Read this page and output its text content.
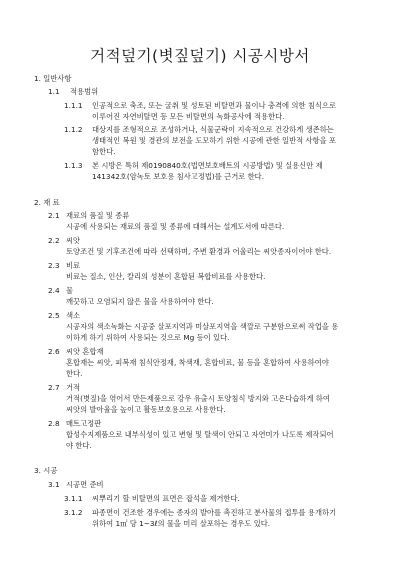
거적덮기(볏짚덮기) 시공시방서
1. 일반사항
1.1 적용범위
1.1.1 인공적으로 축조, 또는 굴취 및 성토된 비탈면과 물이나 충격에 의한 침식으로
이루어진 자연비탈면 등 모든 비탈면의 녹화공사에 적용한다.
1.1.2 대상지를 조형적으로 조성하거나, 식물군락이 지속적으로 건강하게 생존하는
생태적인 복원 및 경관의 보전을 도모하기 위한 시공에 관한 일반적 사항을 포
함한다.
1.1.3 본 시방은 특허 제0190840호(법면보호배트의 시공방법) 및 실용신안 제
141342호(암녹토 보호용 침사고정법)를 근거로 한다.
2. 재 료
2.1 재료의 품질 및 종류
시공에 사용되는 재료의 품질 및 종류에 대해서는 설계도서에 따른다.
2.2 씨앗
토양조건 및 기후조건에 따라 선택하며, 주변 환경과 어울리는 씨앗종자이어야 한다.
2.3 비료
비료는 질소, 인산, 칼리의 성분이 혼합된 복합비료를 사용한다.
2.4 물
깨끗하고 오염되지 않은 물을 사용하여야 한다.
2.5 색소
시공자의 색소녹화는 시공중 살포지역과 미살포지역을 색깔로 구분함으로써 작업을 용
이하게 하기 위하여 사용되는 것으로 Mg 등이 있다.
2.6 씨앗 혼합재
혼합재는 씨앗, 피복재 침식안정재, 착색재, 혼합비료, 물 등을 혼합하여 사용하여야
한다.
2.7 거적
거적(볏짚)을 엮어서 만든제품으로 강우 유출시 토양침식 방지와 고온다습하게 하여
씨앗의 발아율을 높이고 활동보호용으로 사용한다.
2.8 매트고정판
합성수지제품으로 내부식성이 있고 변형 및 탈색이 안되고 자연미가 나도록 제작되어
야 한다.
3. 시공
3.1 시공면 준비
3.1.1 씨뿌리기 할 비탈면의 표면은 잡석을 제거한다.
3.1.2 파종면이 건조한 경우에는 종자의 발아를 촉진하고 분사물의 접투를 용개하기
위하여 1㎡ 당 1~3ℓ의 물을 미리 살포하는 경우도 있다.
